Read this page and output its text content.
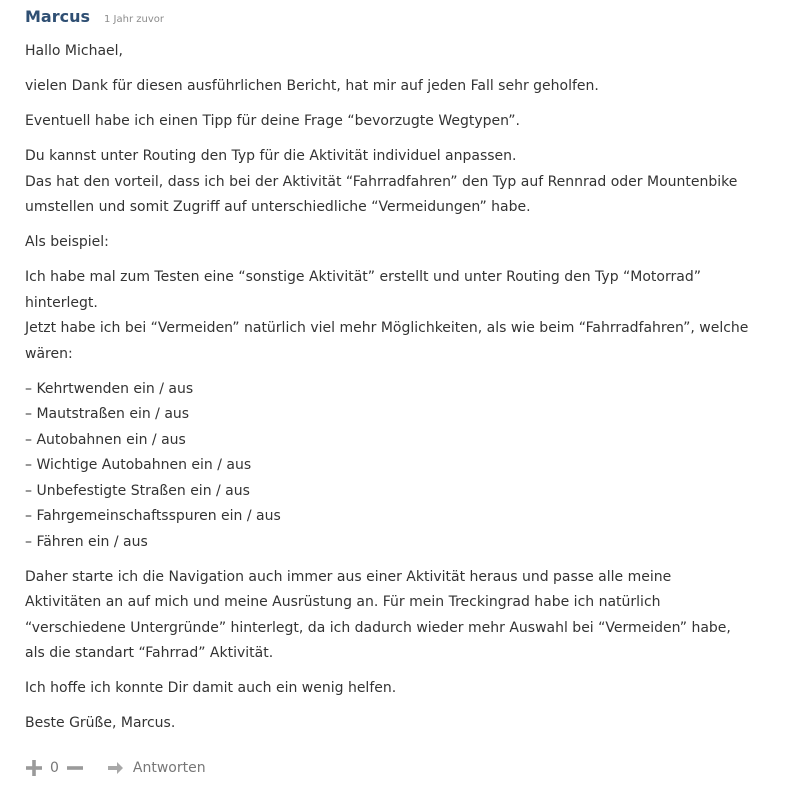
Marcus 1 Jahr zuvor

Hallo Michael,

vielen Dank für diesen ausführlichen Bericht, hat mir auf jeden Fall sehr geholfen.

Eventuell habe ich einen Tipp für deine Frage “bevorzugte Wegtypen”.

Du kannst unter Routing den Typ für die Aktivität individuel anpassen.
Das hat den vorteil, dass ich bei der Aktivität “Fahrradfahren” den Typ auf Rennrad oder Mountenbike
umstellen und somit Zugriff auf unterschiedliche “Vermeidungen” habe.

Als beispiel:

Ich habe mal zum Testen eine “sonstige Aktivität” erstellt und unter Routing den Typ “Motorrad”
hinterlegt.
Jetzt habe ich bei “Vermeiden” natürlich viel mehr Möglichkeiten, als wie beim “Fahrradfahren”, welche
wären:

– Kehrtwenden ein / aus
– Mautstraßen ein / aus
– Autobahnen ein / aus
– Wichtige Autobahnen ein / aus
– Unbefestigte Straßen ein / aus
– Fahrgemeinschaftsspuren ein / aus
– Fähren ein / aus

Daher starte ich die Navigation auch immer aus einer Aktivität heraus und passe alle meine
Aktivitäten an auf mich und meine Ausrüstung an. Für mein Treckingrad habe ich natürlich
“verschiedene Untergründe” hinterlegt, da ich dadurch wieder mehr Auswahl bei “Vermeiden” habe,
als die standart “Fahrrad” Aktivität.

Ich hoffe ich konnte Dir damit auch ein wenig helfen.

Beste Grüße, Marcus.

0	Antworten
